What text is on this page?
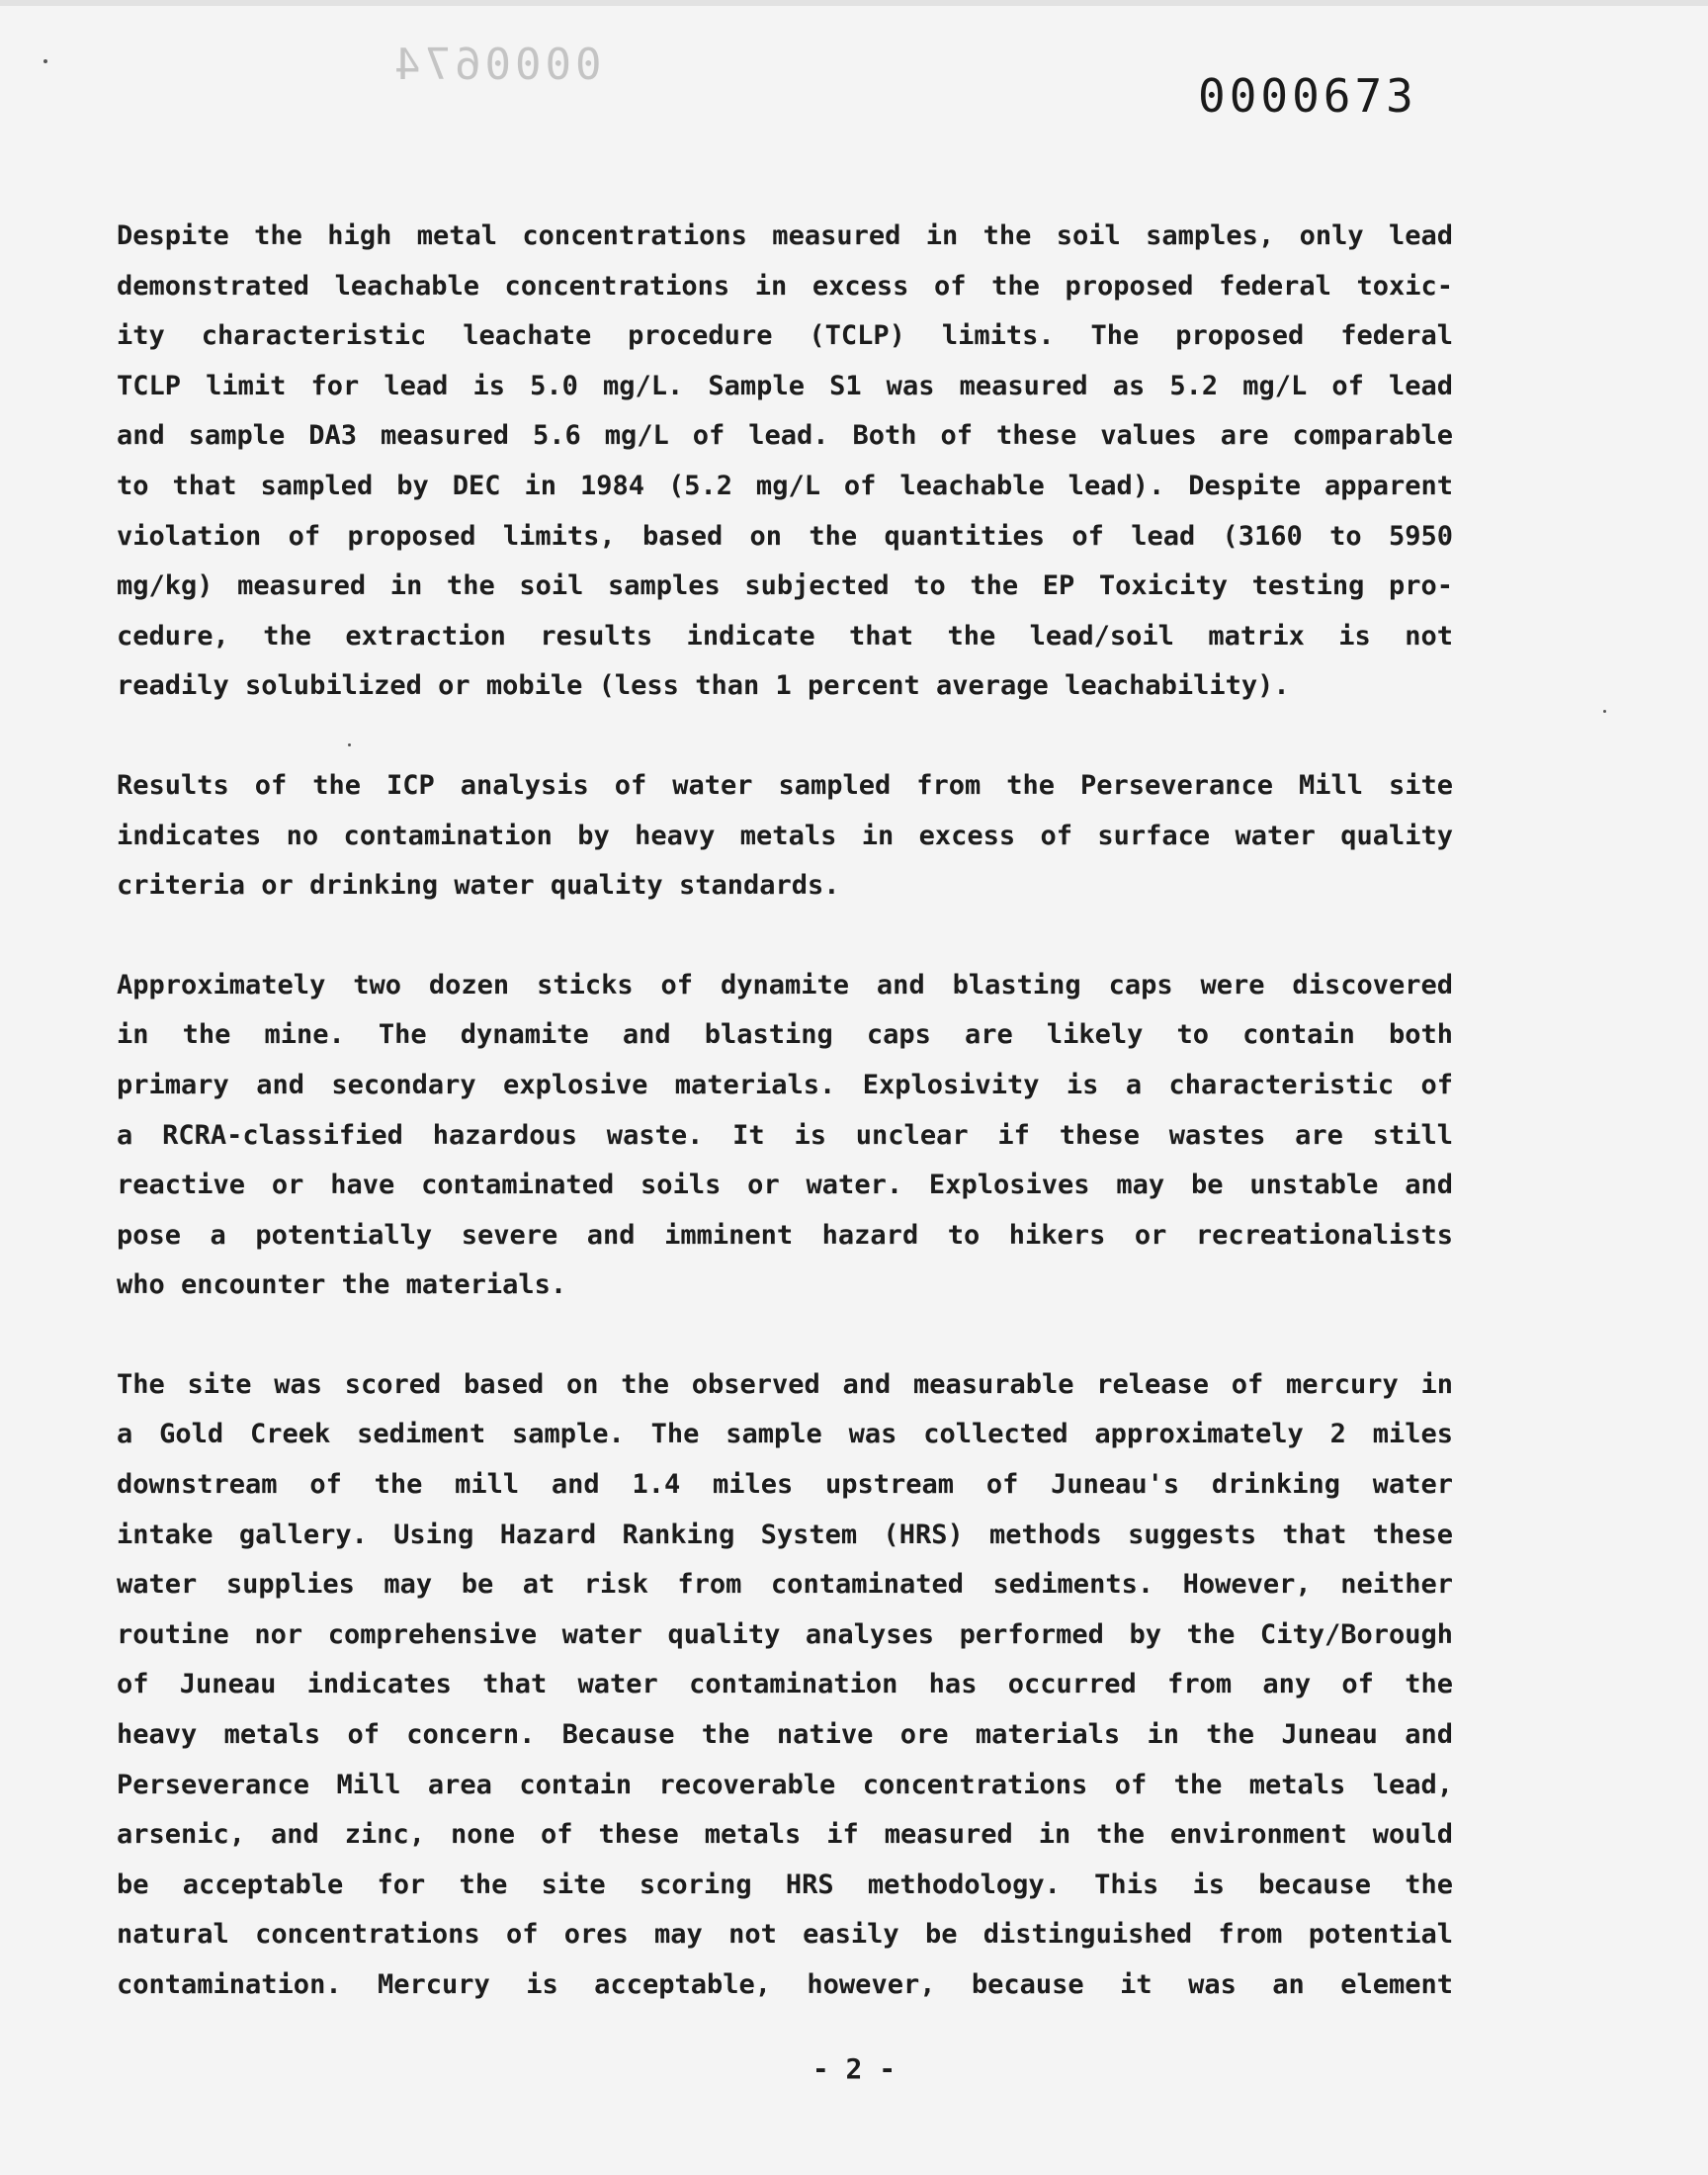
0000674
0000673
Despite the high metal concentrations measured in the soil samples, only lead
demonstrated leachable concentrations in excess of the proposed federal toxic-
ity characteristic leachate procedure (TCLP) limits. The proposed federal
TCLP limit for lead is 5.0 mg/L. Sample S1 was measured as 5.2 mg/L of lead
and sample DA3 measured 5.6 mg/L of lead. Both of these values are comparable
to that sampled by DEC in 1984 (5.2 mg/L of leachable lead). Despite apparent
violation of proposed limits, based on the quantities of lead (3160 to 5950
mg/kg) measured in the soil samples subjected to the EP Toxicity testing pro-
cedure, the extraction results indicate that the lead/soil matrix is not
readily solubilized or mobile (less than 1 percent average leachability).
Results of the ICP analysis of water sampled from the Perseverance Mill site
indicates no contamination by heavy metals in excess of surface water quality
criteria or drinking water quality standards.
Approximately two dozen sticks of dynamite and blasting caps were discovered
in the mine. The dynamite and blasting caps are likely to contain both
primary and secondary explosive materials. Explosivity is a characteristic of
a RCRA-classified hazardous waste. It is unclear if these wastes are still
reactive or have contaminated soils or water. Explosives may be unstable and
pose a potentially severe and imminent hazard to hikers or recreationalists
who encounter the materials.
The site was scored based on the observed and measurable release of mercury in
a Gold Creek sediment sample. The sample was collected approximately 2 miles
downstream of the mill and 1.4 miles upstream of Juneau's drinking water
intake gallery. Using Hazard Ranking System (HRS) methods suggests that these
water supplies may be at risk from contaminated sediments. However, neither
routine nor comprehensive water quality analyses performed by the City/Borough
of Juneau indicates that water contamination has occurred from any of the
heavy metals of concern. Because the native ore materials in the Juneau and
Perseverance Mill area contain recoverable concentrations of the metals lead,
arsenic, and zinc, none of these metals if measured in the environment would
be acceptable for the site scoring HRS methodology. This is because the
natural concentrations of ores may not easily be distinguished from potential
contamination. Mercury is acceptable, however, because it was an element
- 2 -
